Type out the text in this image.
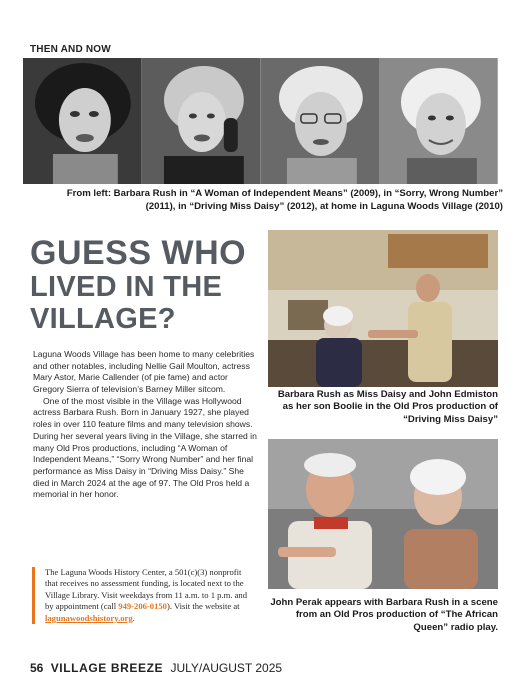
THEN AND NOW
From left: Barbara Rush in “A Woman of Independent Means” (2009), in “Sorry, Wrong Number” (2011), in “Driving Miss Daisy” (2012), at home in Laguna Woods Village (2010)
GUESS WHO
LIVED IN THE
VILLAGE?

Laguna Woods Village has been home to many celebrities and other notables, including Nellie Gail Moulton, actress Mary Astor, Marie Callender (of pie fame) and actor Gregory Sierra of television’s Barney Miller sitcom.

One of the most visible in the Village was Hollywood actress Barbara Rush. Born in January 1927, she played roles in over 110 feature films and many television shows. During her several years living in the Village, she starred in many Old Pros productions, including “A Woman of Independent Means,” “Sorry Wrong Number” and her final performance as Miss Daisy in “Driving Miss Daisy.” She died in March 2024 at the age of 97. The Old Pros held a memorial in her honor.

The Laguna Woods History Center, a 501(c)(3) nonprofit that receives no assessment funding, is located next to the Village Library. Visit weekdays from 11 a.m. to 1 p.m. and by appointment (call 949-206-0150). Visit the website at lagunawoodshistory.org.
Barbara Rush as Miss Daisy and John Edmiston as her son Boolie in the Old Pros production of “Driving Miss Daisy”
John Perak appears with Barbara Rush in a scene from an Old Pros production of “The African Queen” radio play.
56 VILLAGE BREEZE JULY/AUGUST 2025
